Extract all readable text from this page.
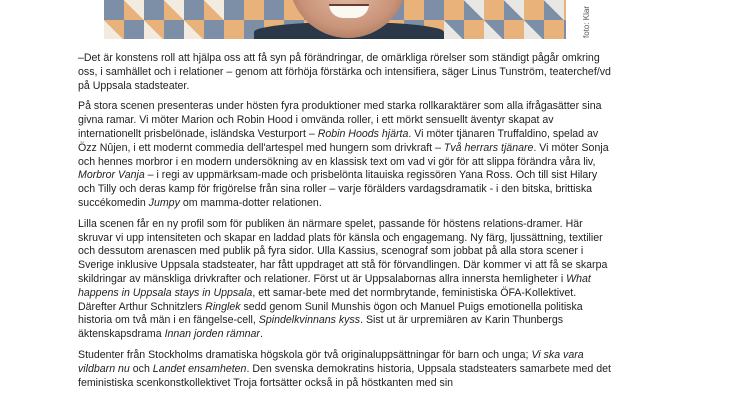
foto: Klar

–Det är konstens roll att hjälpa oss att få syn på förändringar, de omärkliga rörelser som ständigt pågår omkring oss, i samhället och i relationer – genom att förhöja förstärka och intensifiera, säger Linus Tunström, teaterchef/vd på Uppsala stadsteater.

På stora scenen presenteras under hösten fyra produktioner med starka rollkaraktärer som alla ifrågasätter sina givna ramar. Vi möter Marion och Robin Hood i omvända roller, i ett mörkt sensuellt äventyr skapat av internationellt prisbelönade, isländska Vesturport – Robin Hoods hjärta. Vi möter tjänaren Truffaldino, spelad av Özz Nûjen, i ett modernt commedia dell'artespel med hungern som drivkraft – Två herrars tjänare. Vi möter Sonja och hennes morbror i en modern undersökning av en klassisk text om vad vi gör för att slippa förändra våra liv, Morbror Vanja – i regi av uppmärksam-made och prisbelönta litauiska regissören Yana Ross. Och till sist Hilary och Tilly och deras kamp för frigörelse från sina roller – varje förälders vardagsdramatik - i den bitska, brittiska succékomedin Jumpy om mamma-dotter relationen.

Lilla scenen får en ny profil som för publiken än närmare spelet, passande för höstens relations-dramer. Här skruvar vi upp intensiteten och skapar en laddad plats för känsla och engagemang. Ny färg, ljussättning, textilier och dessutom arenascen med publik på fyra sidor. Ulla Kassius, scenograf som jobbat på alla stora scener i Sverige inklusive Uppsala stadsteater, har fått uppdraget att stå för förvandlingen. Där kommer vi att få se skarpa skildringar av mänskliga drivkrafter och relationer. Först ut är Uppsalabornas allra innersta hemligheter i What happens in Uppsala stays in Uppsala, ett samar-bete med det normbrytande, feministiska ÖFA-Kollektivet. Därefter Arthur Schnitzlers Ringlek sedd genom Sunil Munshis ögon och Manuel Puigs emotionella politiska historia om två män i en fängelse-cell, Spindelkvinnans kyss. Sist ut är urpremiären av Karin Thunbergs äktenskapsdrama Innan jorden rämnar.

Studenter från Stockholms dramatiska högskola gör två originaluppsättningar för barn och unga; Vi ska vara vildbarn nu och Landet ensamheten. Den svenska demokratins historia, Uppsala stadsteaters samarbete med det feministiska scenkonstkollektivet Troja fortsätter också in på höstkanten med sin
